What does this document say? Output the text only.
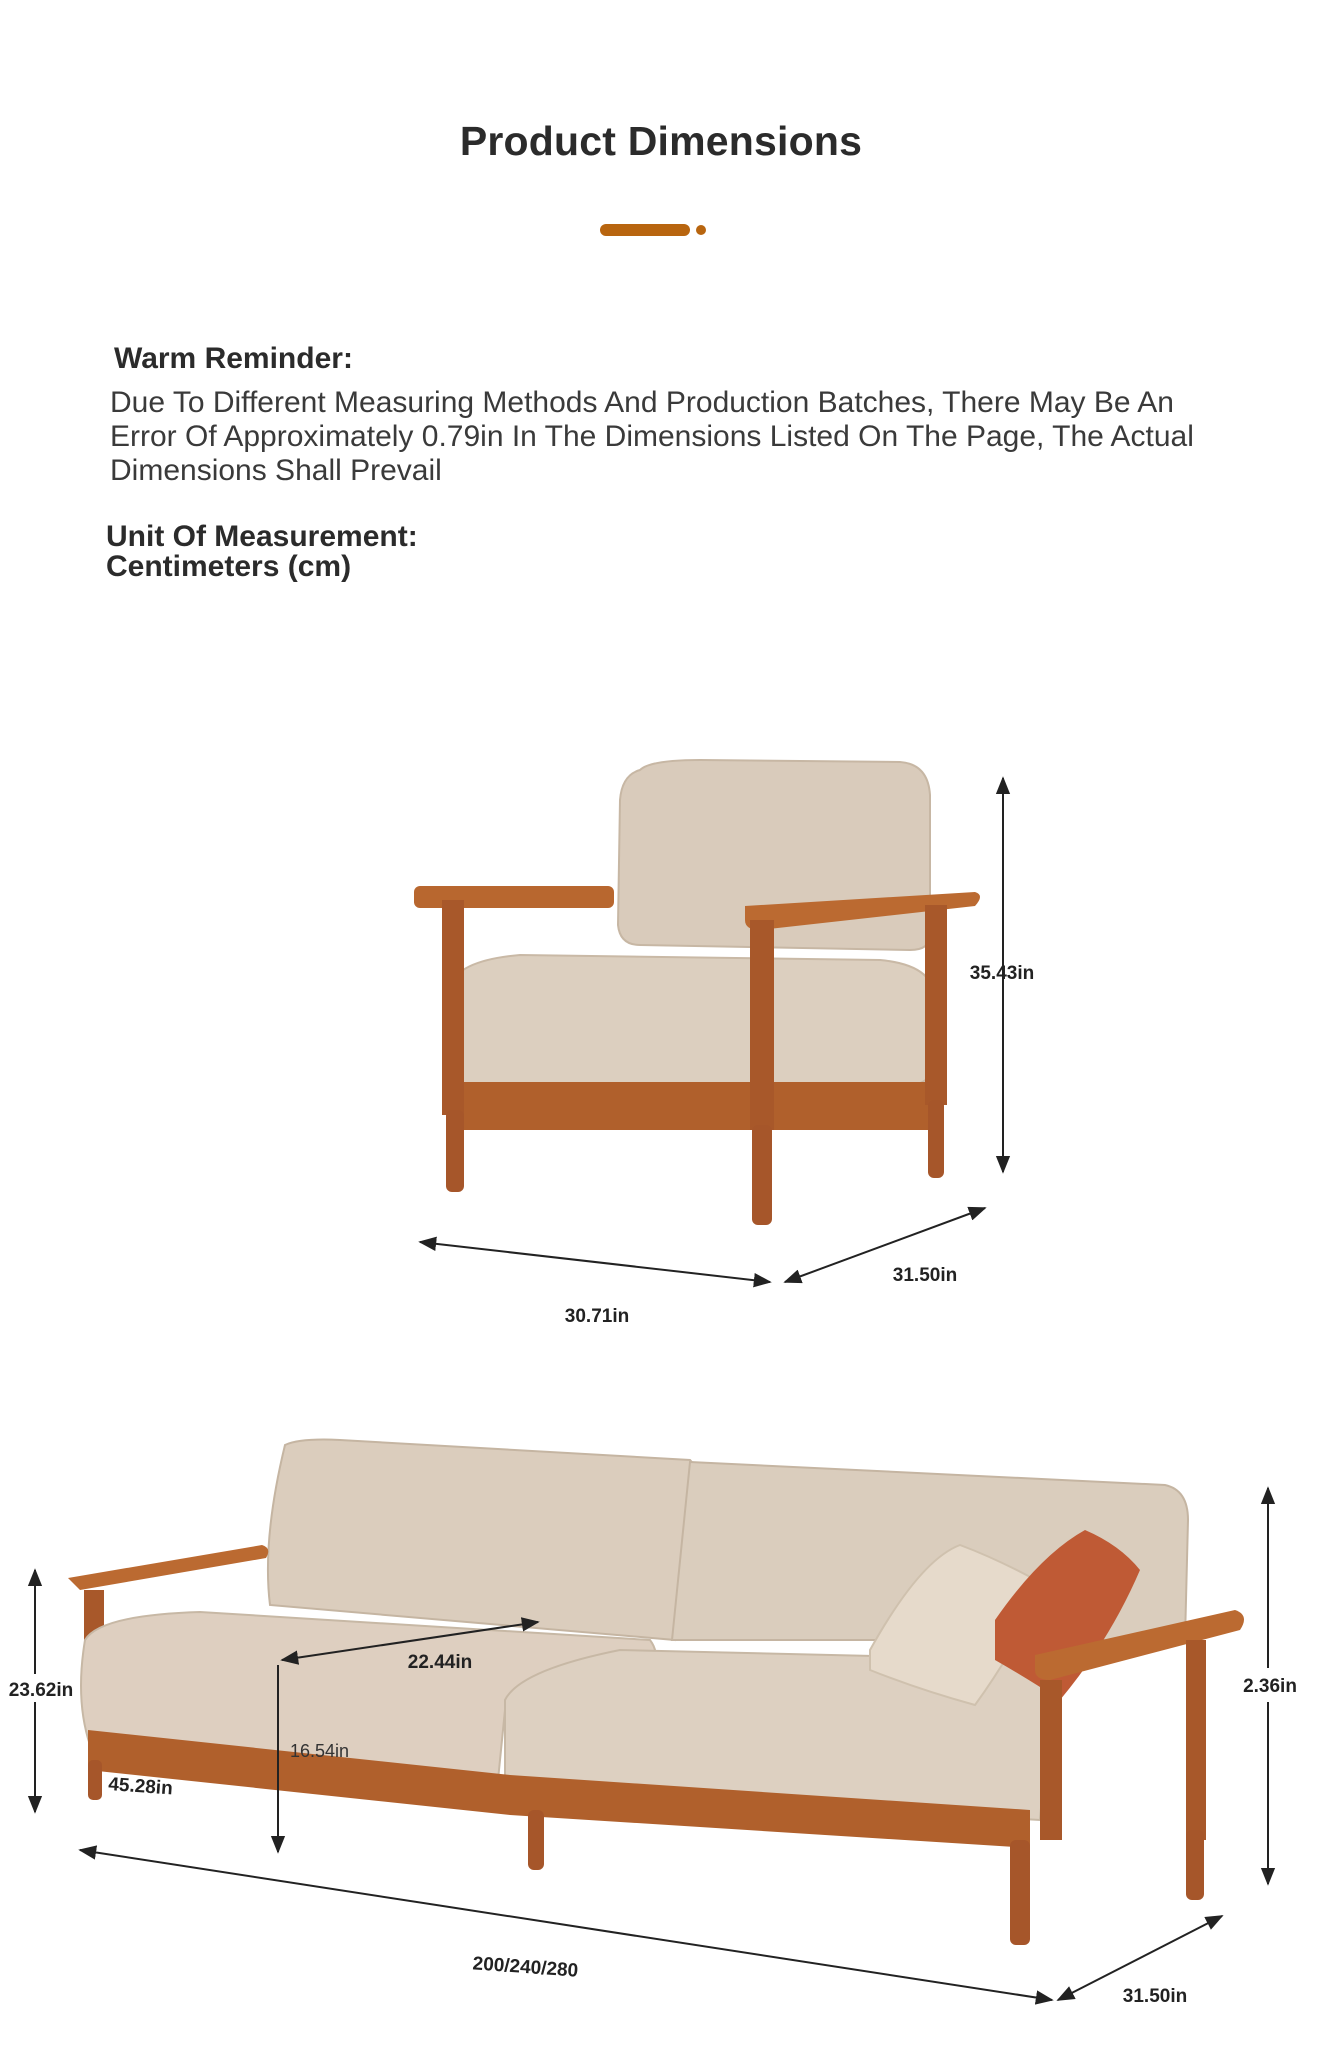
Product Dimensions
Warm Reminder:
Due To Different Measuring Methods And Production Batches, There May Be An Error Of Approximately 0.79in In The Dimensions Listed On The Page, The Actual Dimensions Shall Prevail
Unit Of Measurement:
Centimeters (cm)
35.43in
30.71in
31.50in
23.62in
22.44in
16.54in
45.28in
2.36in
200/240/280
31.50in
